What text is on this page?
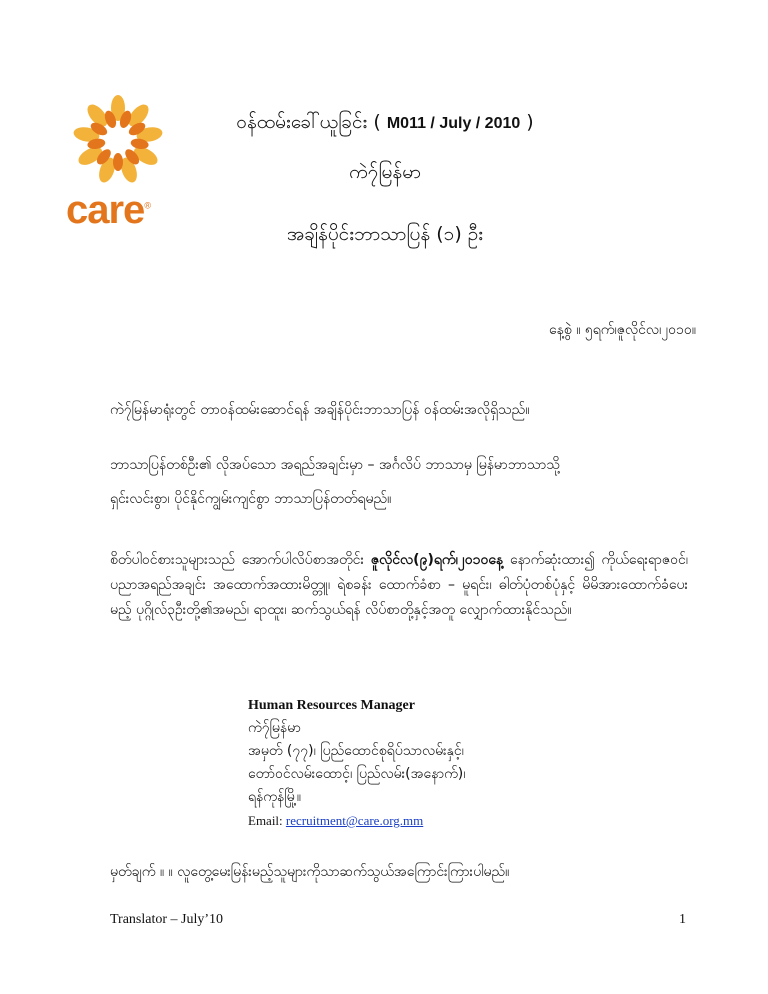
care®
ဝန်ထမ်းခေါ်ယူခြင်း ( M011 / July / 2010 )
ကဲ၇်မြန်မာ
အချိန်ပိုင်းဘာသာပြန် (၁) ဦး
နေ့စွဲ ။ ၅ရက်၊ဇူလိုင်လ၊၂၀၁၀။
ကဲ၇်မြန်မာရုံးတွင် တာဝန်ထမ်းဆောင်ရန် အချိန်ပိုင်းဘာသာပြန် ဝန်ထမ်းအလိုရှိသည်။
ဘာသာပြန်တစ်ဦး၏ လိုအပ်သော အရည်အချင်းမှာ – အင်္ဂလိပ် ဘာသာမှ မြန်မာဘာသာသို့
ရှင်းလင်းစွာ၊ ပိုင်နိုင်ကျွမ်းကျင်စွာ ဘာသာပြန်တတ်ရမည်။
စိတ်ပါဝင်စားသူများသည် အောက်ပါလိပ်စာအတိုင်း ဇူလိုင်လ(၉)ရက်၊၂၀၁၀နေ့ နောက်ဆုံးထား၍ ကိုယ်ရေးရာဇဝင်၊ ပညာအရည်အချင်း အထောက်အထားမိတ္တူ၊ ရဲစခန်း ထောက်ခံစာ – မူရင်း၊ ဓါတ်ပုံတစ်ပုံနှင့် မိမိအားထောက်ခံပေးမည့် ပုဂ္ဂိုလ်၃ဦးတို့၏အမည်၊ ရာထူး၊ ဆက်သွယ်ရန် လိပ်စာတို့နှင့်အတူ လျှောက်ထားနိုင်သည်။
Human Resources Manager
ကဲ၇်မြန်မာ
အမှတ် (၇၇)၊ ပြည်ထောင်စုရိပ်သာလမ်းနှင့်၊
တော်ဝင်လမ်းထောင့်၊ ပြည်လမ်း(အနောက်)၊
ရန်ကုန်မြို့။
Email: recruitment@care.org.mm
မှတ်ချက် ။ ။ လူတွေ့မေးမြန်းမည့်သူများကိုသာဆက်သွယ်အကြောင်းကြားပါမည်။
Translator – July’10	1
